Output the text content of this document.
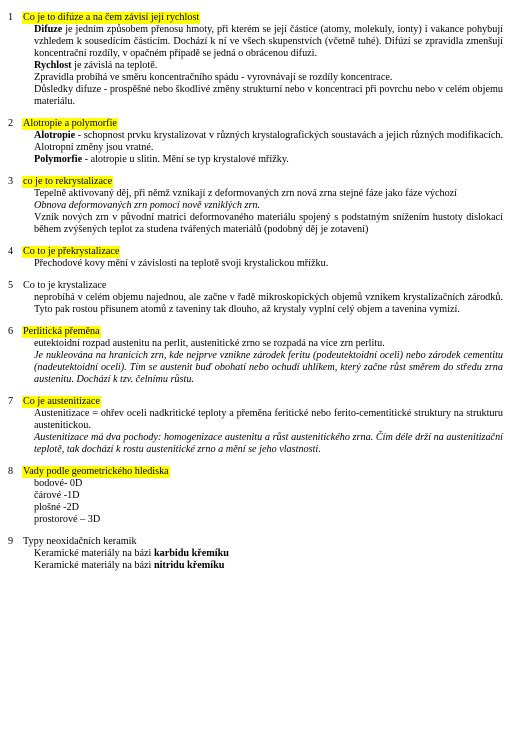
1 Co je to difúze a na čem závisí její rychlost

Difuze je jedním způsobem přenosu hmoty, při kterém se její částice (atomy, molekuly, ionty) i vakance pohybují vzhledem k sousedícím částicím. Dochází k ní ve všech skupenstvích (včetně tuhé). Difúzí se zpravidla zmenšují koncentrační rozdíly, v opačném případě se jedná o obrácenou difuzi.

Rychlost je závislá na teplotě.

Zpravidla probíhá ve směru koncentračního spádu - vyrovnávají se rozdíly koncentrace.

Důsledky difuze - prospěšné nebo škodlivé změny strukturní nebo v koncentraci při povrchu nebo v celém objemu materiálu.

2 Alotropie a polymorfie

Alotropie - schopnost prvku krystalizovat v různých krystalografických soustavách a jejich různých modifikacích. Alotropní změny jsou vratné.

Polymorfie - alotropie u slitin. Mění se typ krystalové mřížky.

3 co je to rekrystalizace

Tepelně aktivovaný děj, při němž vznikají z deformovaných zrn nová zrna stejné fáze jako fáze výchozí

Obnova deformovaných zrn pomocí nově vzniklých zrn.

Vznik nových zrn v původní matrici deformovaného materiálu spojený s podstatným snížením hustoty dislokací během zvýšených teplot za studena tvářených materiálů (podobný děj je zotavení)

4 Co to je překrystalizace

Přechodové kovy mění v závislosti na teplotě svoji krystalickou mřížku.

5 Co to je krystalizace

neprobíhá v celém objemu najednou, ale začne v řadě mikroskopických objemů vznikem krystalizačních zárodků. Tyto pak rostou přisunem atomů z taveniny tak dlouho, až krystaly vyplní celý objem a tavenina vymizí.

6 Perlitická přeměna

eutektoidní rozpad austenitu na perlit, austenitické zrno se rozpadá na více zrn perlitu.

Je nukleována na hranicích zrn, kde nejprve vznikne zárodek feritu (podeutektoidní oceli) nebo zárodek cementitu (nadeutektoidní oceli). Tím se austenit buď obohatí nebo ochudí uhlíkem, který začne růst směrem do středu zrna austenitu. Dochází k tzv. čelnímu růstu.

7 Co je austenitizace

Austenitizace = ohřev oceli nadkritické teploty a přeměna feritické nebo ferito-cementitické struktury na strukturu austenitickou.

Austenitizace má dva pochody: homogenizace austenitu a růst austenitického zrna. Čím déle drží na austenitizační teplotě, tak dochází k rostu austenitické zrno a mění se jeho vlastnosti.

8 Vady podle geometrického hlediska

bodové- 0D

čárové -1D

plošné -2D

prostorové – 3D

9 Typy neoxidačních keramik

Keramické materiály na bázi karbidu křemíku

Keramické materiály na bázi nitridu křemíku
